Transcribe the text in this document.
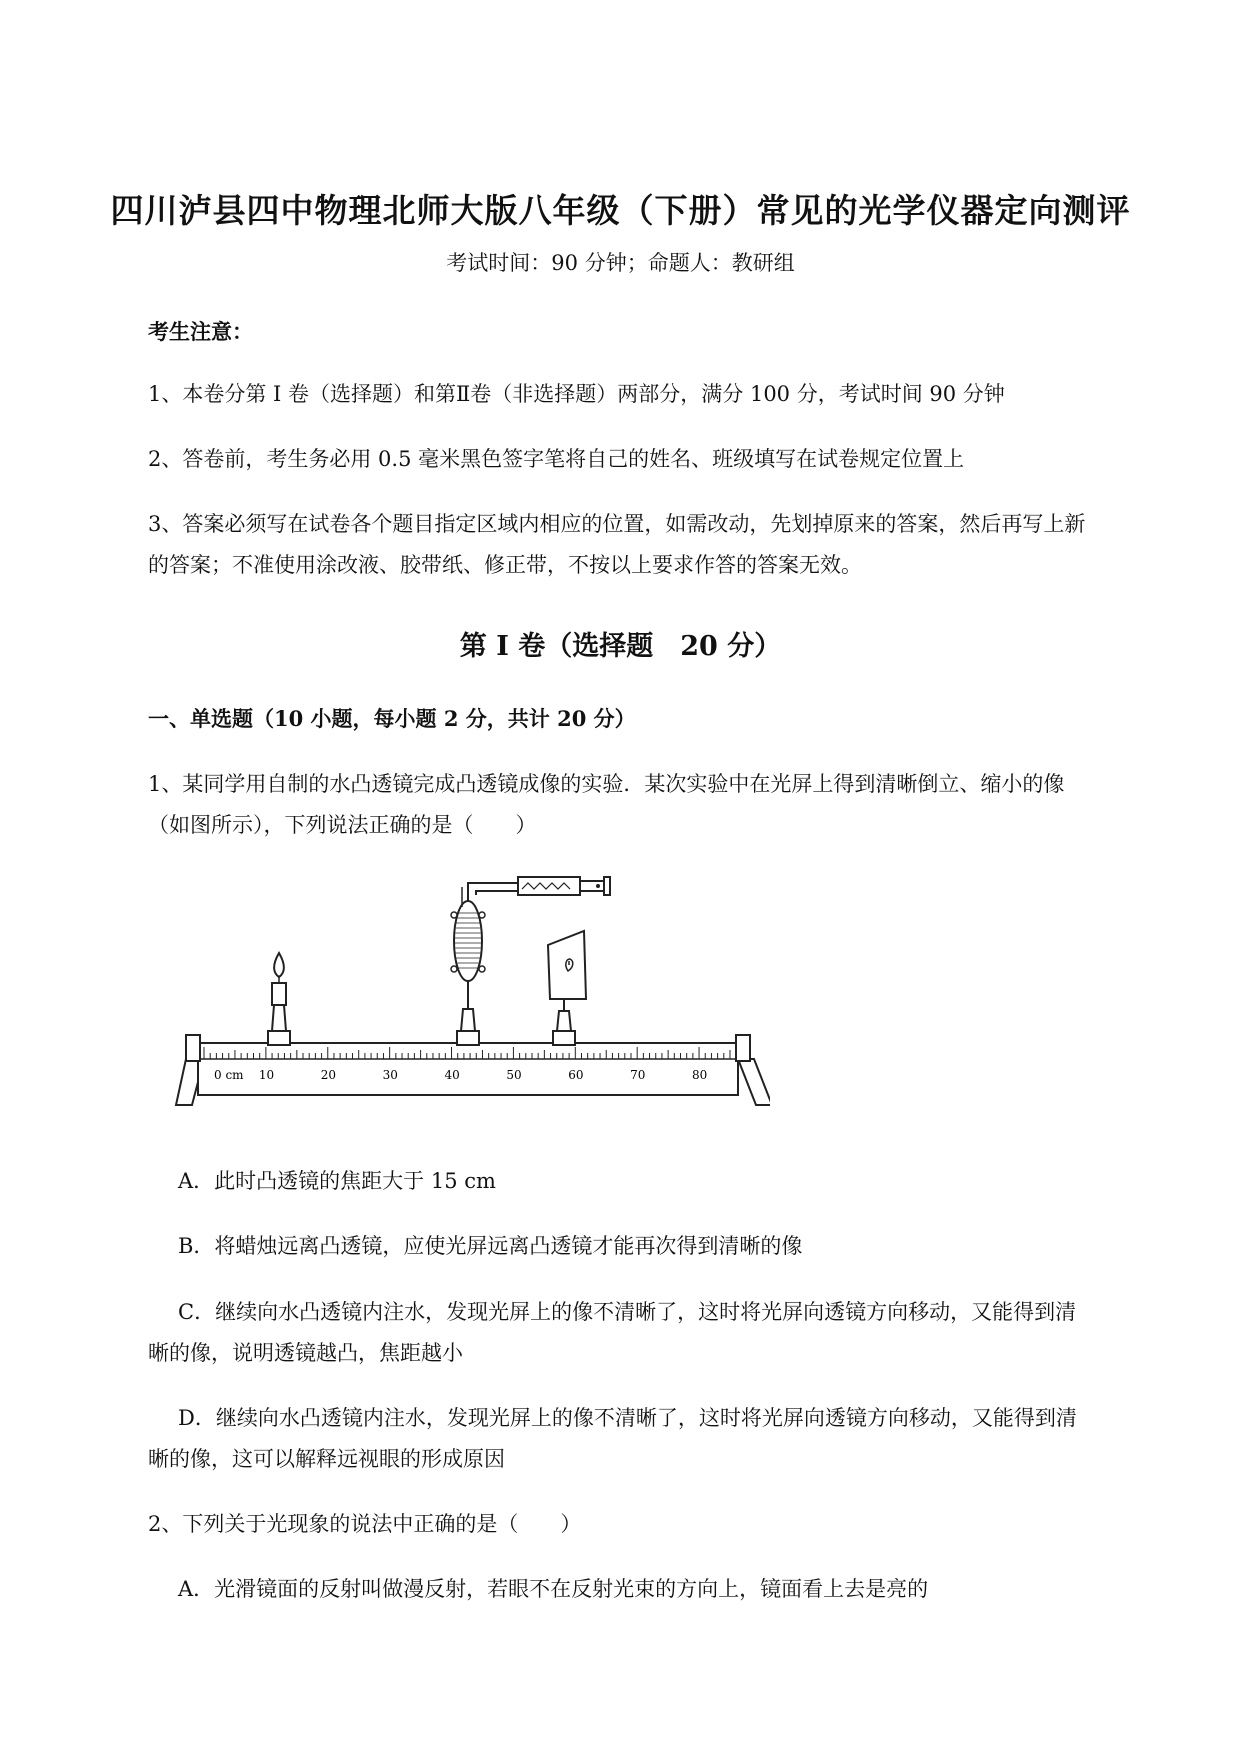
四川泸县四中物理北师大版八年级（下册）常见的光学仪器定向测评
考试时间：90 分钟；命题人：教研组
考生注意：
1、本卷分第 I 卷（选择题）和第Ⅱ卷（非选择题）两部分，满分 100 分，考试时间 90 分钟
2、答卷前，考生务必用 0.5 毫米黑色签字笔将自己的姓名、班级填写在试卷规定位置上
3、答案必须写在试卷各个题目指定区域内相应的位置，如需改动，先划掉原来的答案，然后再写上新
的答案；不准使用涂改液、胶带纸、修正带，不按以上要求作答的答案无效。
第 I 卷（选择题　20 分）
一、单选题（10 小题，每小题 2 分，共计 20 分）
1、某同学用自制的水凸透镜完成凸透镜成像的实验．某次实验中在光屏上得到清晰倒立、缩小的像
（如图所示），下列说法正确的是（　　）
0 cm 10	20	30	40	50	60	70	80
A．此时凸透镜的焦距大于 15 cm
B．将蜡烛远离凸透镜，应使光屏远离凸透镜才能再次得到清晰的像
C．继续向水凸透镜内注水，发现光屏上的像不清晰了，这时将光屏向透镜方向移动，又能得到清
晰的像，说明透镜越凸，焦距越小
D．继续向水凸透镜内注水，发现光屏上的像不清晰了，这时将光屏向透镜方向移动，又能得到清
晰的像，这可以解释远视眼的形成原因
2、下列关于光现象的说法中正确的是（　　）
A．光滑镜面的反射叫做漫反射，若眼不在反射光束的方向上，镜面看上去是亮的
